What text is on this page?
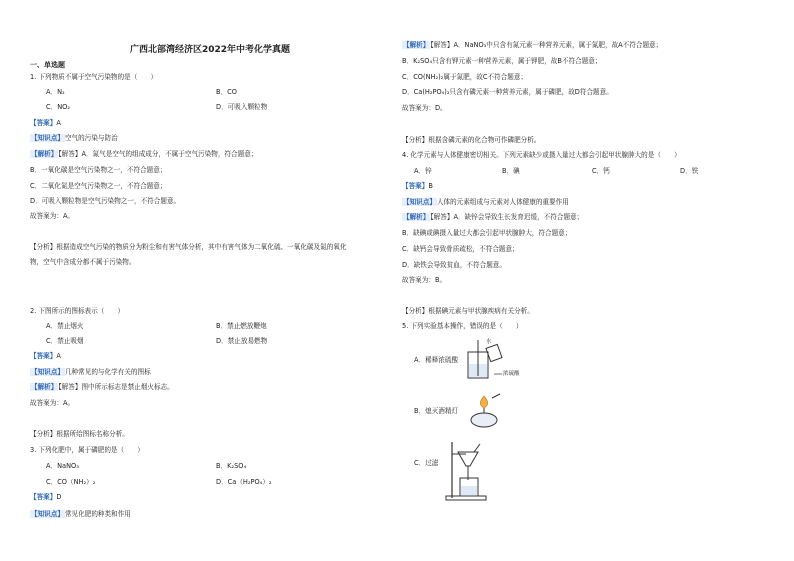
广西北部湾经济区2022年中考化学真题
一、单选题
1. 下列物质不属于空气污染物的是（　　）
A．N₂	B．CO
C．NO₂	D．可吸入颗粒物
【答案】A
【知识点】空气的污染与防治
【解析】【解答】A．氮气是空气的组成成分，不属于空气污染物，符合题意；
B．一氧化碳是空气污染物之一，不符合题意；
C．二氧化氮是空气污染物之一，不符合题意；
D．可吸入颗粒物是空气污染物之一，不符合题意。
故答案为：A。
【分析】根据造成空气污染的物质分为粉尘和有害气体分析，其中有害气体为二氧化硫、一氧化碳及氮的氧化
物，空气中含成分都不属于污染物。
2. 下图所示的图标表示（　　）
A．禁止烟火	B．禁止燃放鞭炮
C．禁止吸烟	D．禁止放易燃物
【答案】A
【知识点】几种常见的与化学有关的图标
【解析】【解答】图中所示标志是禁止烟火标志。
故答案为：A。
【分析】根据所给图标名称分析。
3. 下列化肥中，属于磷肥的是（　　）
A．NaNO₃	B．K₂SO₄
C．CO（NH₂）₂	D．Ca（H₂PO₄）₂
【答案】D
【知识点】常见化肥的种类和作用
【解析】【解答】A．NaNO₃中只含有氮元素一种营养元素，属于氮肥，故A不符合题意；
B．K₂SO₄只含有钾元素一种营养元素，属于钾肥，故B不符合题意；
C．CO(NH₂)₂属于氮肥，故C不符合题意；
D．Ca(H₂PO₄)₂只含有磷元素一种营养元素，属于磷肥，故D符合题意。
故答案为：D。
【分析】根据含磷元素的化合物可作磷肥分析。
4. 化学元素与人体健康密切相关。下列元素缺少或摄入量过大都会引起甲状腺肿大的是（　　）
A．锌	B．碘	C．钙	D．铁
【答案】B
【知识点】人体的元素组成与元素对人体健康的重要作用
【解析】【解答】A．缺锌会导致生长发育迟缓，不符合题意；
B．缺碘或碘摄入量过大都会引起甲状腺肿大，符合题意；
C．缺钙会导致骨质疏松，不符合题意；
D．缺铁会导致贫血，不符合题意。
故答案为：B。
【分析】根据碘元素与甲状腺疾病有关分析。
5. 下列实验基本操作，错误的是（　　）
A．稀释浓硫酸
水
浓硫酸
B．熄灭酒精灯
C．过滤
